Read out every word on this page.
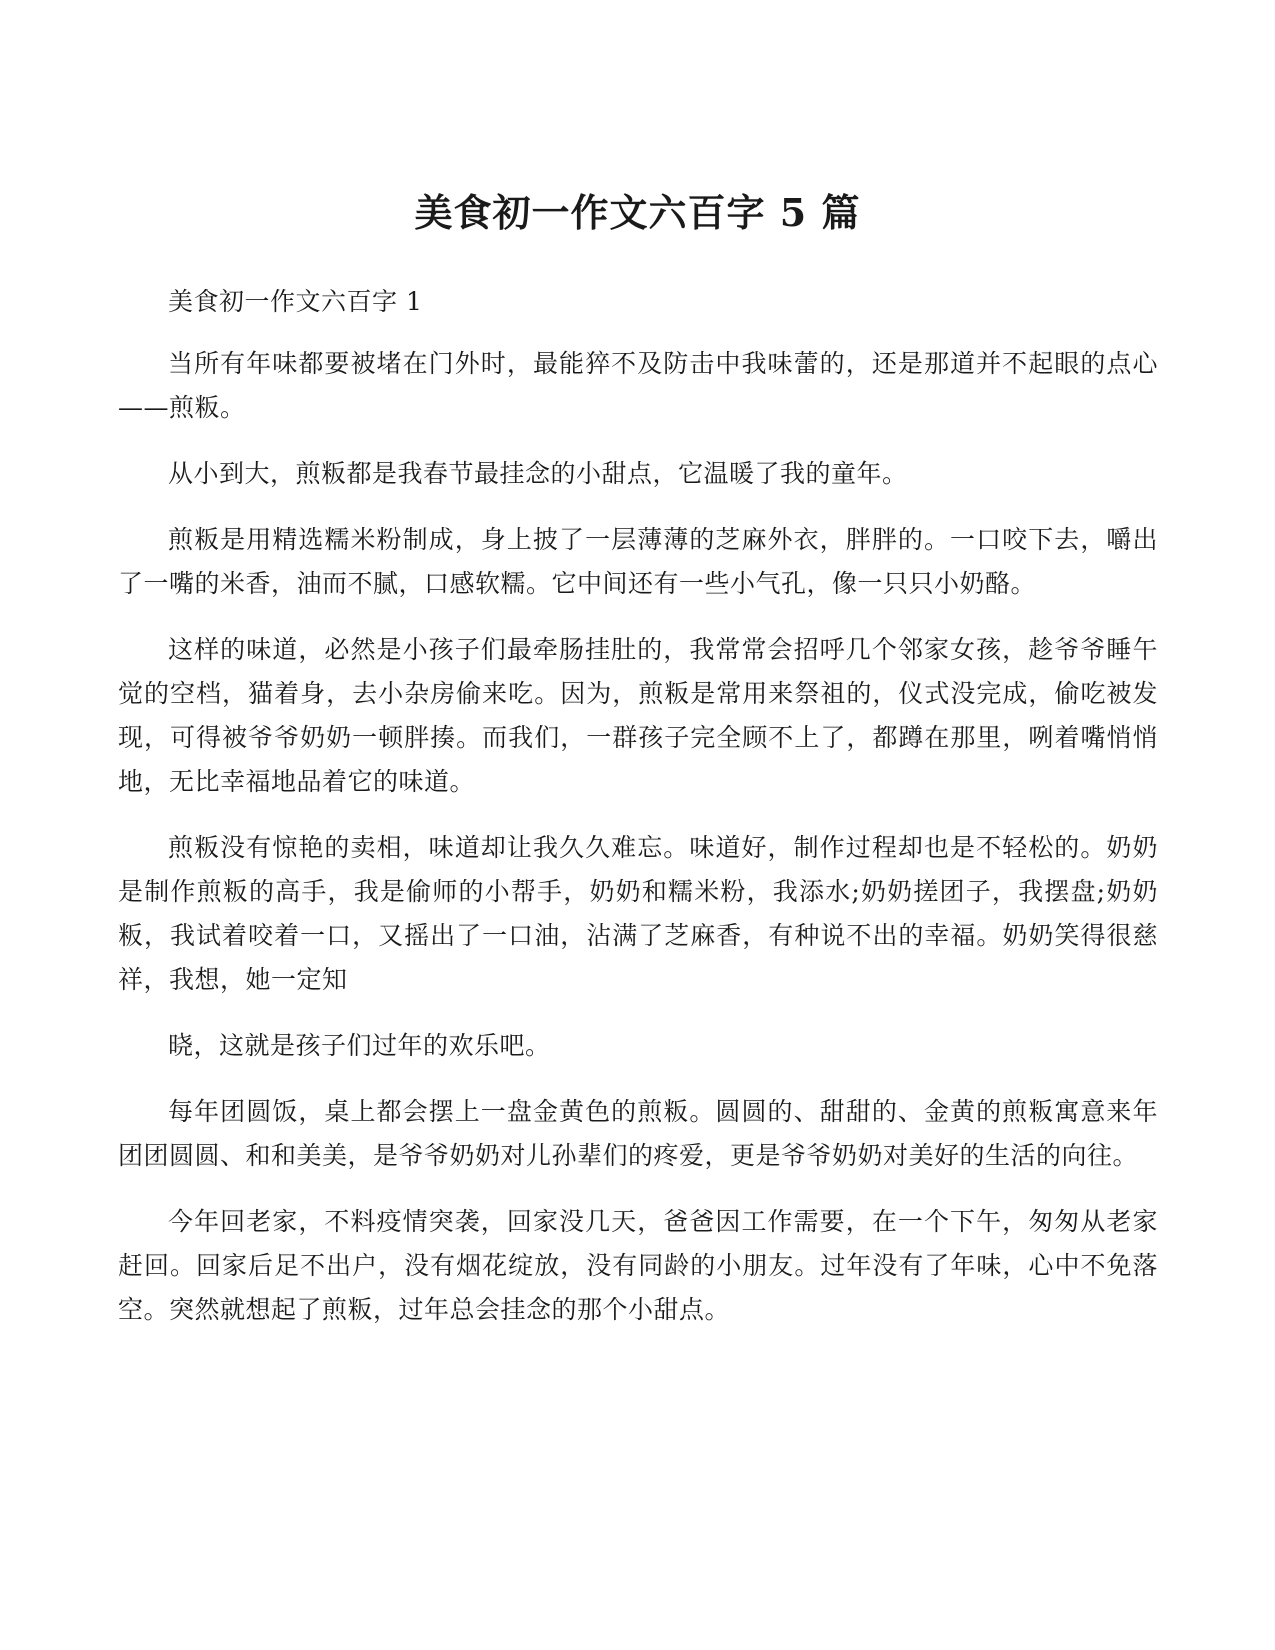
美食初一作文六百字 5 篇

美食初一作文六百字 1

当所有年味都要被堵在门外时，最能猝不及防击中我味蕾的，还是那道并不起眼的点心——煎粄。

从小到大，煎粄都是我春节最挂念的小甜点，它温暖了我的童年。

煎粄是用精选糯米粉制成，身上披了一层薄薄的芝麻外衣，胖胖的。一口咬下去，嚼出了一嘴的米香，油而不腻，口感软糯。它中间还有一些小气孔，像一只只小奶酪。

这样的味道，必然是小孩子们最牵肠挂肚的，我常常会招呼几个邻家女孩，趁爷爷睡午觉的空档，猫着身，去小杂房偷来吃。因为，煎粄是常用来祭祖的，仪式没完成，偷吃被发现，可得被爷爷奶奶一顿胖揍。而我们，一群孩子完全顾不上了，都蹲在那里，咧着嘴悄悄地，无比幸福地品着它的味道。

煎粄没有惊艳的卖相，味道却让我久久难忘。味道好，制作过程却也是不轻松的。奶奶是制作煎粄的高手，我是偷师的小帮手，奶奶和糯米粉，我添水;奶奶搓团子，我摆盘;奶奶粄，我试着咬着一口，又摇出了一口油，沾满了芝麻香，有种说不出的幸福。奶奶笑得很慈祥，我想，她一定知

晓，这就是孩子们过年的欢乐吧。

每年团圆饭，桌上都会摆上一盘金黄色的煎粄。圆圆的、甜甜的、金黄的煎粄寓意来年团团圆圆、和和美美，是爷爷奶奶对儿孙辈们的疼爱，更是爷爷奶奶对美好的生活的向往。

今年回老家，不料疫情突袭，回家没几天，爸爸因工作需要，在一个下午，匆匆从老家赶回。回家后足不出户，没有烟花绽放，没有同龄的小朋友。过年没有了年味，心中不免落空。突然就想起了煎粄，过年总会挂念的那个小甜点。
